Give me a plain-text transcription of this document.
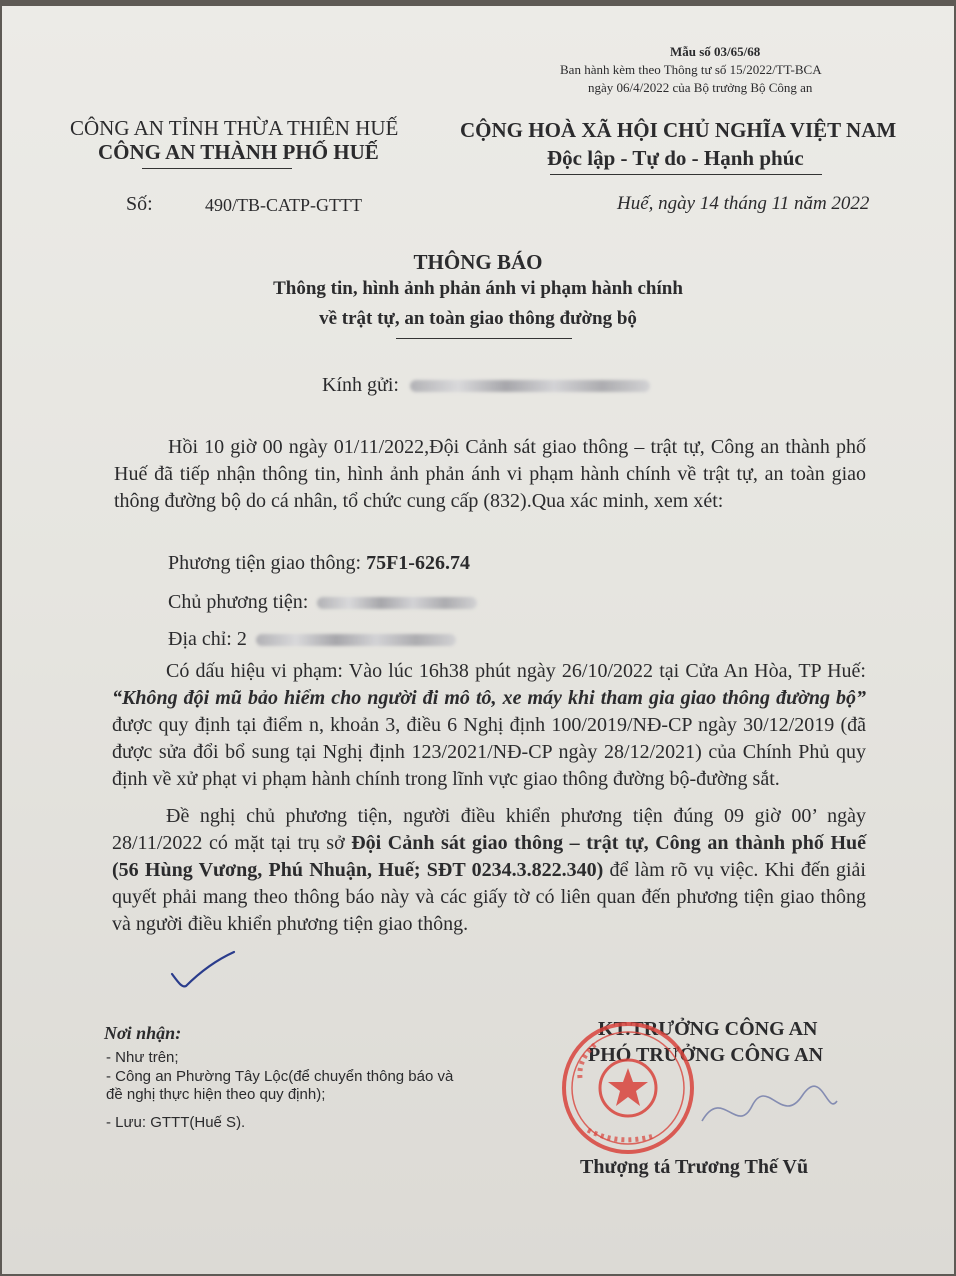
Mẫu số 03/65/68
Ban hành kèm theo Thông tư số 15/2022/TT-BCA
ngày 06/4/2022 của Bộ trưởng Bộ Công an
CÔNG AN TỈNH THỪA THIÊN HUẾ
CÔNG AN THÀNH PHỐ HUẾ
CỘNG HOÀ XÃ HỘI CHỦ NGHĨA VIỆT NAM
Độc lập - Tự do - Hạnh phúc
Số:	490/TB-CATP-GTTT	Huế, ngày 14 tháng 11 năm 2022
THÔNG BÁO
Thông tin, hình ảnh phản ánh vi phạm hành chính
về trật tự, an toàn giao thông đường bộ
Kính gửi:

Hồi 10 giờ 00 ngày 01/11/2022,Đội Cảnh sát giao thông – trật tự, Công an thành phố Huế đã tiếp nhận thông tin, hình ảnh phản ánh vi phạm hành chính về trật tự, an toàn giao thông đường bộ do cá nhân, tổ chức cung cấp (832).Qua xác minh, xem xét:

Phương tiện giao thông: 75F1-626.74
Chủ phương tiện:
Địa chỉ: 2

Có dấu hiệu vi phạm: Vào lúc 16h38 phút ngày 26/10/2022 tại Cửa An Hòa, TP Huế: “Không đội mũ bảo hiểm cho người đi mô tô, xe máy khi tham gia giao thông đường bộ” được quy định tại điểm n, khoản 3, điều 6 Nghị định 100/2019/NĐ-CP ngày 30/12/2019 (đã được sửa đổi bổ sung tại Nghị định 123/2021/NĐ-CP ngày 28/12/2021) của Chính Phủ quy định về xử phạt vi phạm hành chính trong lĩnh vực giao thông đường bộ-đường sắt.

Đề nghị chủ phương tiện, người điều khiển phương tiện đúng 09 giờ 00’ ngày 28/11/2022 có mặt tại trụ sở Đội Cảnh sát giao thông – trật tự, Công an thành phố Huế (56 Hùng Vương, Phú Nhuận, Huế; SĐT 0234.3.822.340) để làm rõ vụ việc. Khi đến giải quyết phải mang theo thông báo này và các giấy tờ có liên quan đến phương tiện giao thông và người điều khiển phương tiện giao thông.

Nơi nhận:
- Như trên;
- Công an Phường Tây Lộc(để chuyển thông báo và
đề nghị thực hiện theo quy định);
- Lưu: GTTT(Huế S).
KT.TRƯỞNG CÔNG AN
PHÓ TRƯỞNG CÔNG AN
Thượng tá Trương Thế Vũ
